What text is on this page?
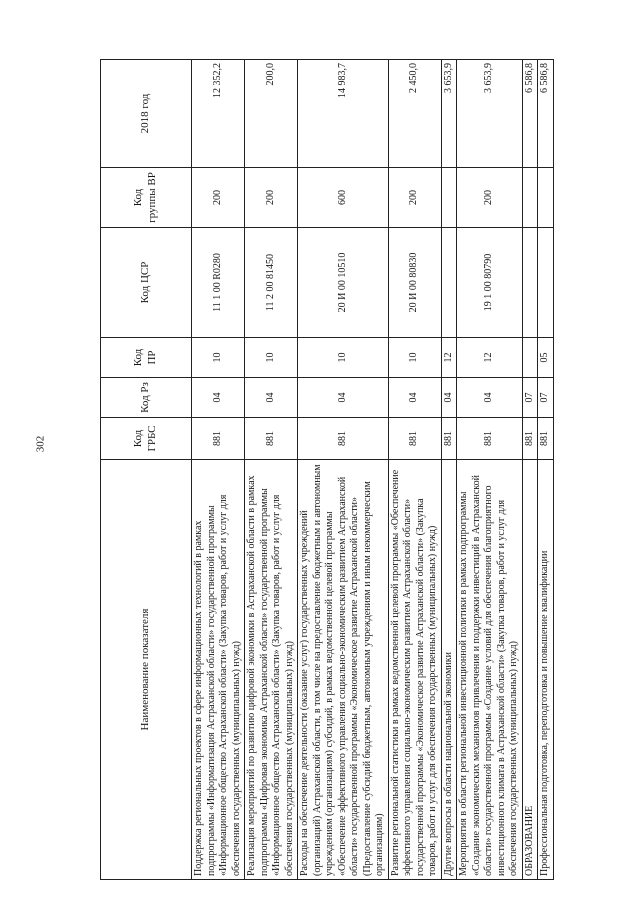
302
Наименование показателя	Код ГРБС	Код Рз	Код ПР	Код ЦСР	Код группы ВР	2018 год
Поддержка региональных проектов в сфере информационных технологий в рамках подпрограммы «Информатизация Астраханской области» государственной программы «Информационное общество Астраханской области» (Закупка товаров, работ и услуг для обеспечения государственных (муниципальных) нужд)	881	04	10	11 1 00 R0280	200	12 352,2
Реализация мероприятий по развитию цифровой экономики в Астраханской области в рамках подпрограммы «Цифровая экономика Астраханской области» государственной программы «Информационное общество Астраханской области» (Закупка товаров, работ и услуг для обеспечения государственных (муниципальных) нужд)	881	04	10	11 2 00 81450	200	200,0
Расходы на обеспечение деятельности (оказание услуг) государственных учреждений (организаций) Астраханской области, в том числе на предоставление бюджетным и автономным учреждениям (организациям) субсидий, в рамках ведомственной целевой программы «Обеспечение эффективного управления социально-экономическим развитием Астраханской области» государственной программы «Экономическое развитие Астраханской области» (Предоставление субсидий бюджетным, автономным учреждениям и иным некоммерческим организациям)	881	04	10	20 И 00 10510	600	14 983,7
Развитие региональной статистики в рамках ведомственной целевой программы «Обеспечение эффективного управления социально-экономическим развитием Астраханской области» государственной программы «Экономическое развитие Астраханской области» (Закупка товаров, работ и услуг для обеспечения государственных (муниципальных) нужд)	881	04	10	20 И 00 80830	200	2 450,0
Другие вопросы в области национальной экономики	881	04	12			3 653,9
Мероприятия в области региональной инвестиционной политики в рамках подпрограммы «Создание экономических механизмов привлечения и поддержки инвестиций в Астраханской области» государственной программы «Создание условий для обеспечения благоприятного инвестиционного климата в Астраханской области» (Закупка товаров, работ и услуг для обеспечения государственных (муниципальных) нужд)	881	04	12	19 1 00 80790	200	3 653,9
ОБРАЗОВАНИЕ	881	07				6 586,8
Профессиональная подготовка, переподготовка и повышение квалификации	881	07	05			6 586,8
